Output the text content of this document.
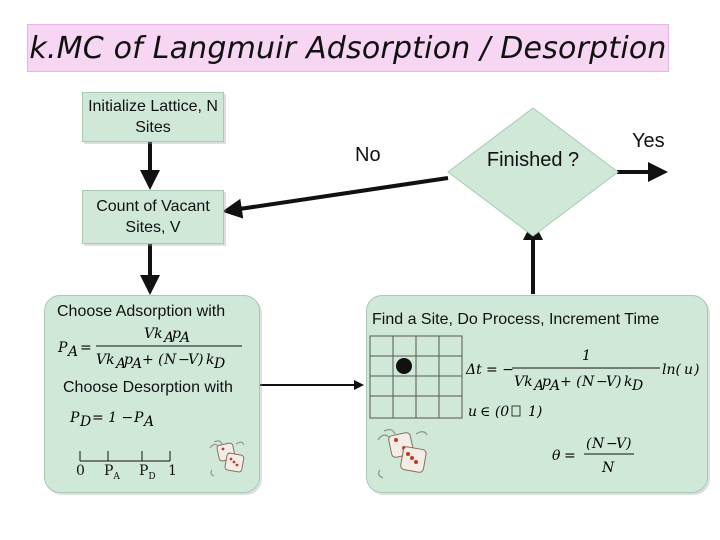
k.MC of Langmuir Adsorption / Desorption
Initialize Lattice, N Sites
Count of Vacant Sites, V
Finished ?
No
Yes
Choose Adsorption with
P A =
Vk A
p A
Vk A
p A + ( N −
V ) k D
Choose Desorption with
P D = 1 − P A
0 $P_A$ $P_D$ 1
Find a Site, Do Process, Increment Time
Δt = −
1
Vk A
p A + ( N −
V ) k D
ln( u )
u ∈ (0 1)
θ =
( N −
V )
N
